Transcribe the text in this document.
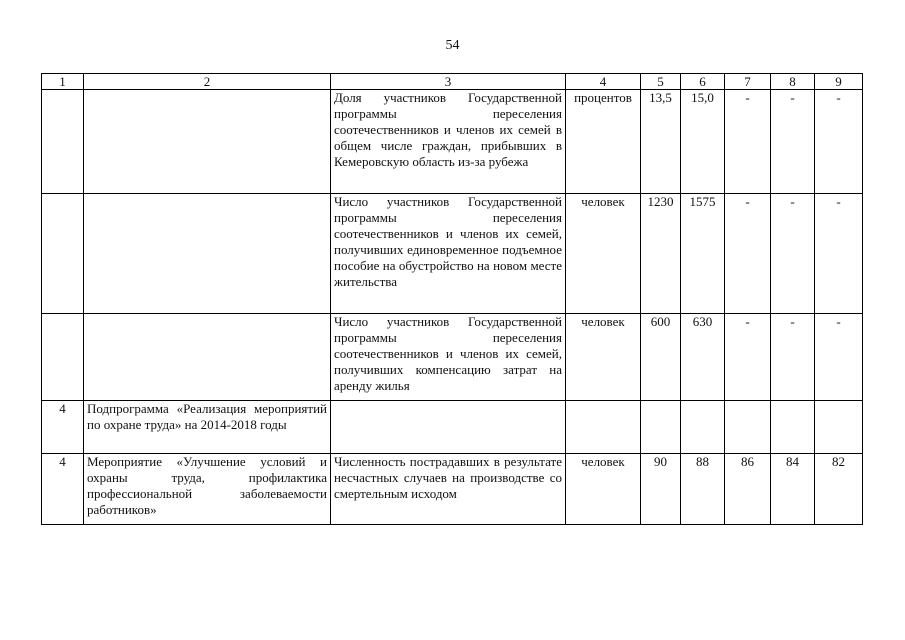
54
1	2	3	4	5	6	7	8	9
		Доля участников Государственной программы переселения соотечественников и членов их семей в общем числе граждан, прибывших в Кемеровскую область из-за рубежа	процентов	13,5	15,0	-	-	-
		Число участников Государственной программы переселения соотечественников и членов их семей, получивших единовременное подъемное пособие на обустройство на новом месте жительства	человек	1230	1575	-	-	-
		Число участников Государственной программы переселения соотечественников и членов их семей, получивших компенсацию затрат на аренду жилья	человек	600	630	-	-	-
4	Подпрограмма «Реализация мероприятий по охране труда» на 2014-2018 годы							
4	Мероприятие «Улучшение условий и охраны труда, профилактика профессиональной заболеваемости работников»	Численность пострадавших в результате несчастных случаев на производстве со смертельным исходом	человек	90	88	86	84	82
